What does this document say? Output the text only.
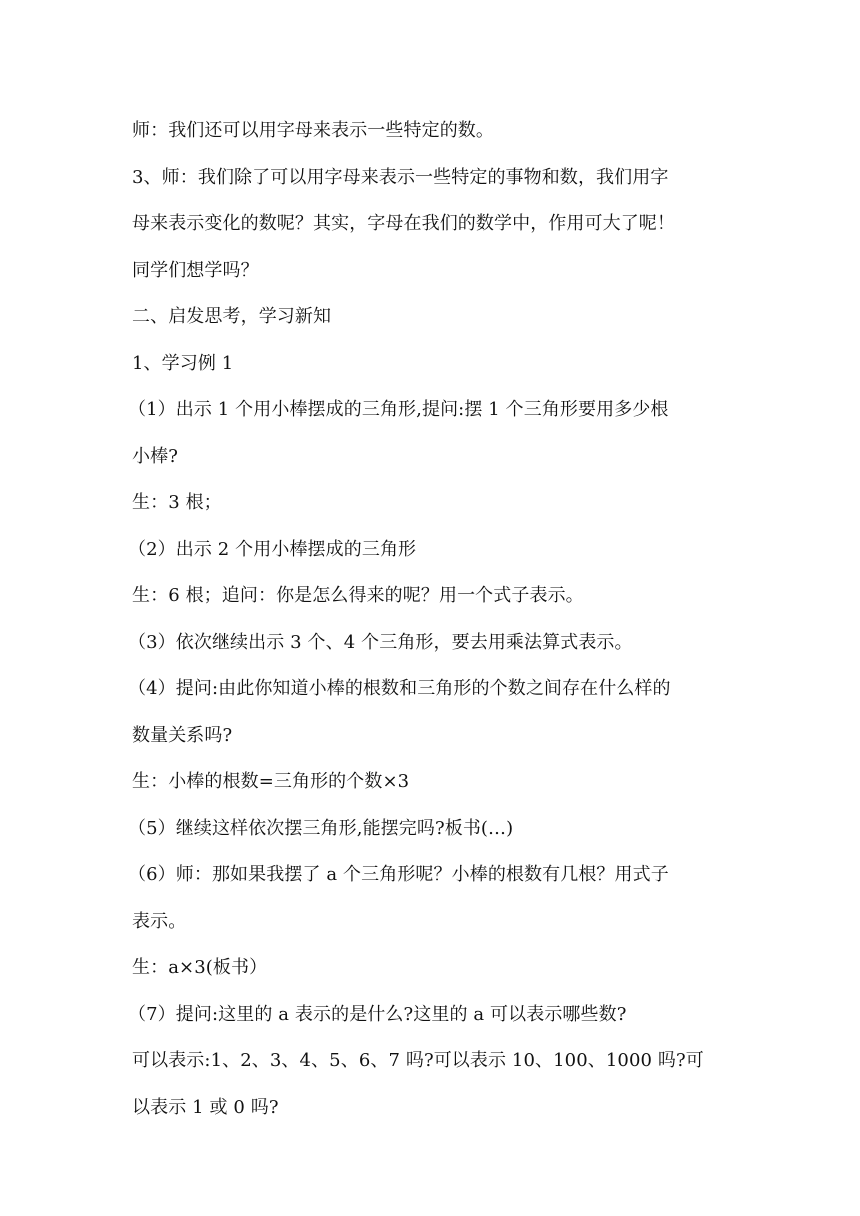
师：我们还可以用字母来表示一些特定的数。
3、师：我们除了可以用字母来表示一些特定的事物和数，我们用字
母来表示变化的数呢？其实，字母在我们的数学中，作用可大了呢！
同学们想学吗？
二、启发思考，学习新知
1、学习例 1
（1）出示 1 个用小棒摆成的三角形,提问:摆 1 个三角形要用多少根
小棒?
生：3 根；
（2）出示 2 个用小棒摆成的三角形
生：6 根；追问：你是怎么得来的呢？用一个式子表示。
（3）依次继续出示 3 个、4 个三角形，要去用乘法算式表示。
（4）提问:由此你知道小棒的根数和三角形的个数之间存在什么样的
数量关系吗?
生：小棒的根数=三角形的个数×3
（5）继续这样依次摆三角形,能摆完吗?板书(…)
（6）师：那如果我摆了 a 个三角形呢？小棒的根数有几根？用式子
表示。
生：a×3(板书）
（7）提问:这里的 a 表示的是什么?这里的 a 可以表示哪些数?
可以表示:1、2、3、4、5、6、7 吗?可以表示 10、100、1000 吗?可
以表示 1 或 0 吗?
